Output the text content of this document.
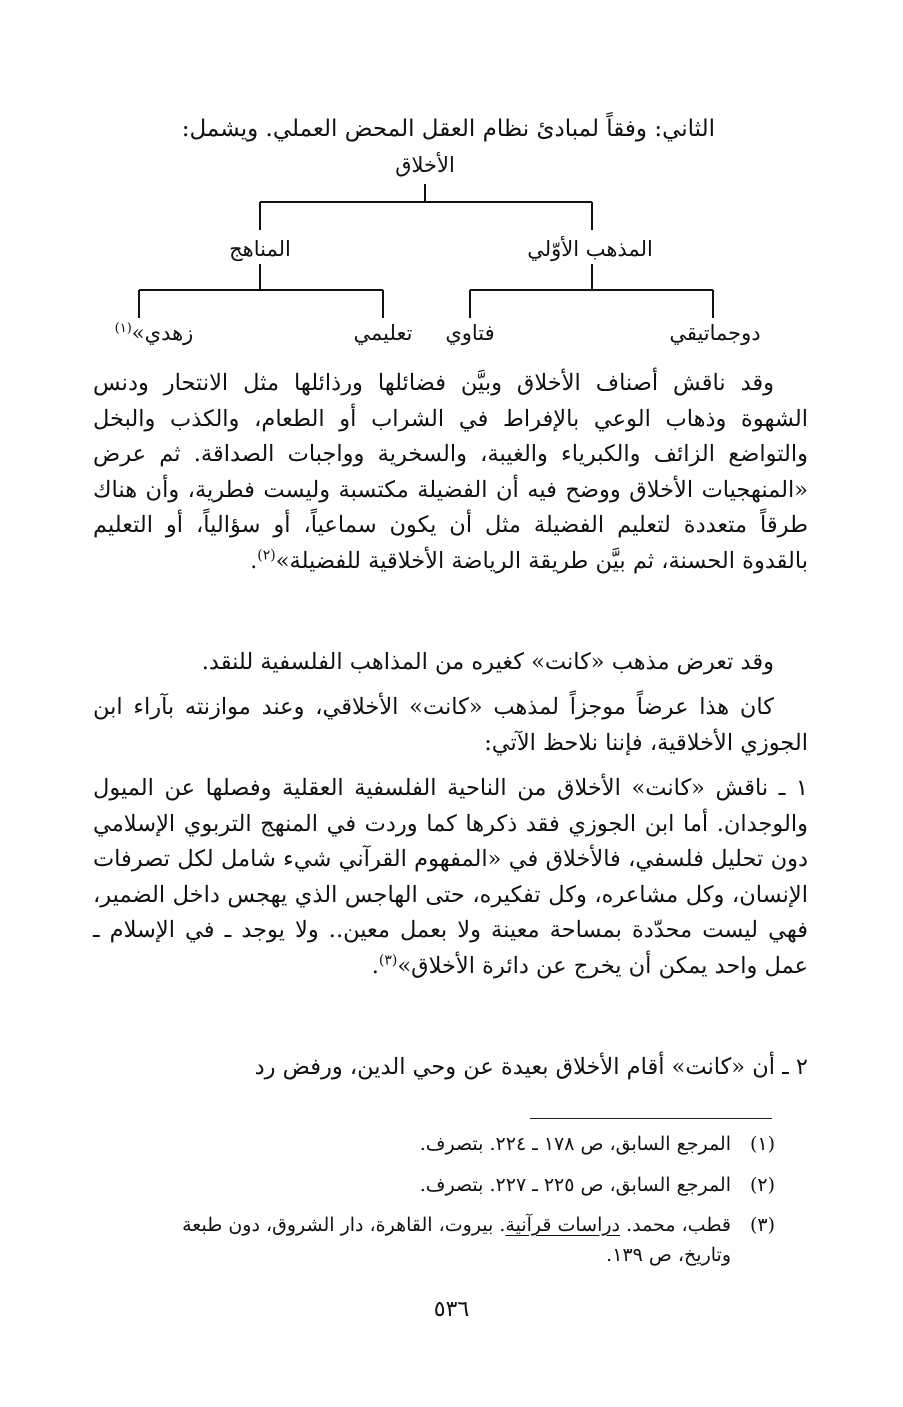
الثاني: وفقاً لمبادئ نظام العقل المحض العملي. ويشمل:
الأخلاق
المذهب الأوّلي
المناهج
دوجماتيقي
فتاوي
تعليمي
زهدي»$^{(١)}$

وقد ناقش أصناف الأخلاق وبيَّن فضائلها ورذائلها مثل الانتحار ودنس الشهوة وذهاب الوعي بالإفراط في الشراب أو الطعام، والكذب والبخل والتواضع الزائف والكبرياء والغيبة، والسخرية وواجبات الصداقة. ثم عرض «المنهجيات الأخلاق ووضح فيه أن الفضيلة مكتسبة وليست فطرية، وأن هناك طرقاً متعددة لتعليم الفضيلة مثل أن يكون سماعياً، أو سؤالياً، أو التعليم بالقدوة الحسنة، ثم بيَّن طريقة الرياضة الأخلاقية للفضيلة»$^{(٢)}$.

وقد تعرض مذهب «كانت» كغيره من المذاهب الفلسفية للنقد.

كان هذا عرضاً موجزاً لمذهب «كانت» الأخلاقي، وعند موازنته بآراء ابن الجوزي الأخلاقية، فإننا نلاحظ الآتي:

١ ـ ناقش «كانت» الأخلاق من الناحية الفلسفية العقلية وفصلها عن الميول والوجدان. أما ابن الجوزي فقد ذكرها كما وردت في المنهج التربوي الإسلامي دون تحليل فلسفي، فالأخلاق في «المفهوم القرآني شيء شامل لكل تصرفات الإنسان، وكل مشاعره، وكل تفكيره، حتى الهاجس الذي يهجس داخل الضمير، فهي ليست محدّدة بمساحة معينة ولا بعمل معين.. ولا يوجد ـ في الإسلام ـ عمل واحد يمكن أن يخرج عن دائرة الأخلاق»$^{(٣)}$.

٢ ـ أن «كانت» أقام الأخلاق بعيدة عن وحي الدين، ورفض رد

(١)المرجع السابق، ص ١٧٨ ـ ٢٢٤. بتصرف.
(٢)المرجع السابق، ص ٢٢٥ ـ ٢٢٧. بتصرف.
(٣)قطب، محمد. دراسات قرآنية. بيروت، القاهرة، دار الشروق، دون طبعة
وتاريخ، ص ١٣٩.
٥٣٦
